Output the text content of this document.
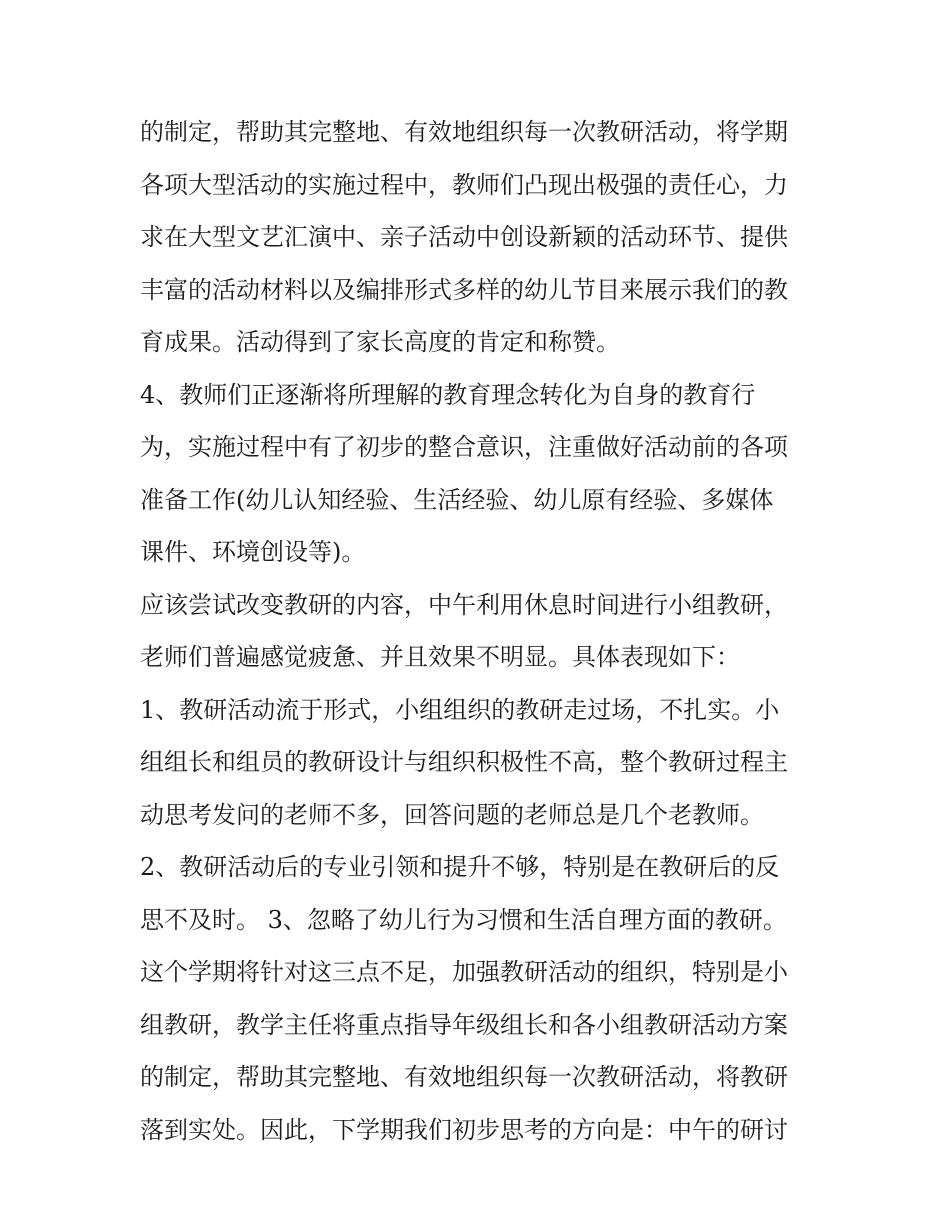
的制定，帮助其完整地、有效地组织每一次教研活动，将学期
各项大型活动的实施过程中，教师们凸现出极强的责任心，力
求在大型文艺汇演中、亲子活动中创设新颖的活动环节、提供
丰富的活动材料以及编排形式多样的幼儿节目来展示我们的教
育成果。活动得到了家长高度的肯定和称赞。
4、教师们正逐渐将所理解的教育理念转化为自身的教育行
为，实施过程中有了初步的整合意识，注重做好活动前的各项
准备工作(幼儿认知经验、生活经验、幼儿原有经验、多媒体
课件、环境创设等)。
应该尝试改变教研的内容，中午利用休息时间进行小组教研，
老师们普遍感觉疲惫、并且效果不明显。具体表现如下：
1、教研活动流于形式，小组组织的教研走过场，不扎实。小
组组长和组员的教研设计与组织积极性不高，整个教研过程主
动思考发问的老师不多，回答问题的老师总是几个老教师。
2、教研活动后的专业引领和提升不够，特别是在教研后的反
思不及时。 3、忽略了幼儿行为习惯和生活自理方面的教研。
这个学期将针对这三点不足，加强教研活动的组织，特别是小
组教研，教学主任将重点指导年级组长和各小组教研活动方案
的制定，帮助其完整地、有效地组织每一次教研活动，将教研
落到实处。因此，下学期我们初步思考的方向是：中午的研讨
